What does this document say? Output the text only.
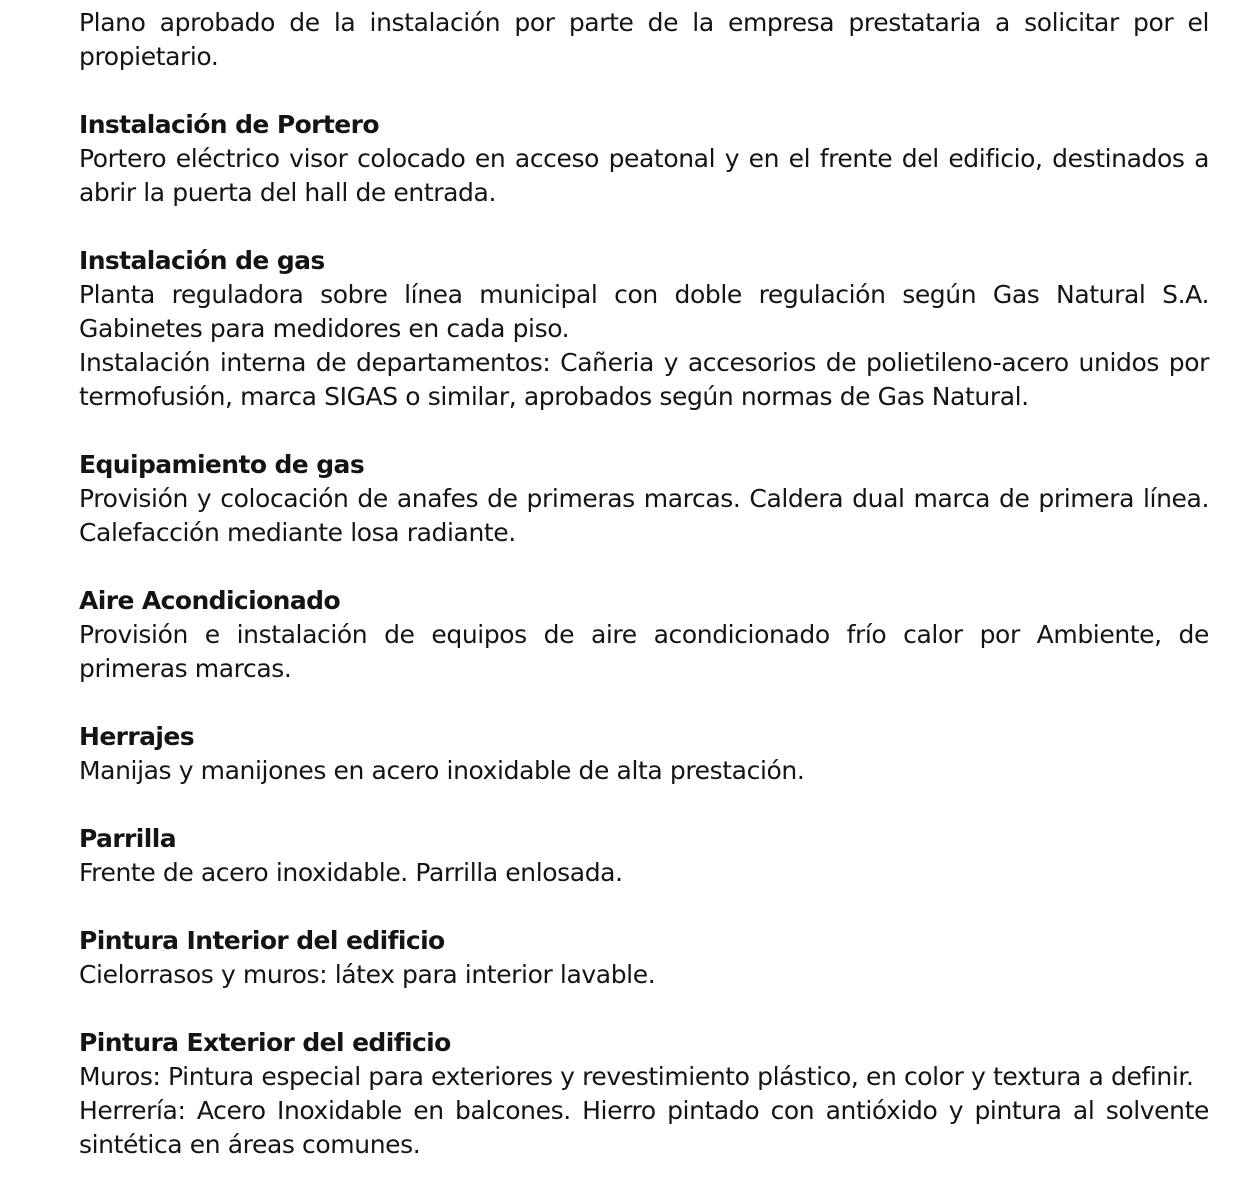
Plano aprobado de la instalación por parte de la empresa prestataria a solicitar por el propietario.

Instalación de Portero

Portero eléctrico visor colocado en acceso peatonal y en el frente del edificio, destinados a abrir la puerta del hall de entrada.

Instalación de gas

Planta reguladora sobre línea municipal con doble regulación según Gas Natural S.A. Gabinetes para medidores en cada piso.

Instalación interna de departamentos: Cañeria y accesorios de polietileno-acero unidos por termofusión, marca SIGAS o similar, aprobados según normas de Gas Natural.

Equipamiento de gas

Provisión y colocación de anafes de primeras marcas. Caldera dual marca de primera línea. Calefacción mediante losa radiante.

Aire Acondicionado

Provisión e instalación de equipos de aire acondicionado frío calor por Ambiente, de primeras marcas.

Herrajes

Manijas y manijones en acero inoxidable de alta prestación.

Parrilla

Frente de acero inoxidable. Parrilla enlosada.

Pintura Interior del edificio

Cielorrasos y muros: látex para interior lavable.

Pintura Exterior del edificio

Muros: Pintura especial para exteriores y revestimiento plástico, en color y textura a definir.

Herrería: Acero Inoxidable en balcones. Hierro pintado con antióxido y pintura al solvente sintética en áreas comunes.
